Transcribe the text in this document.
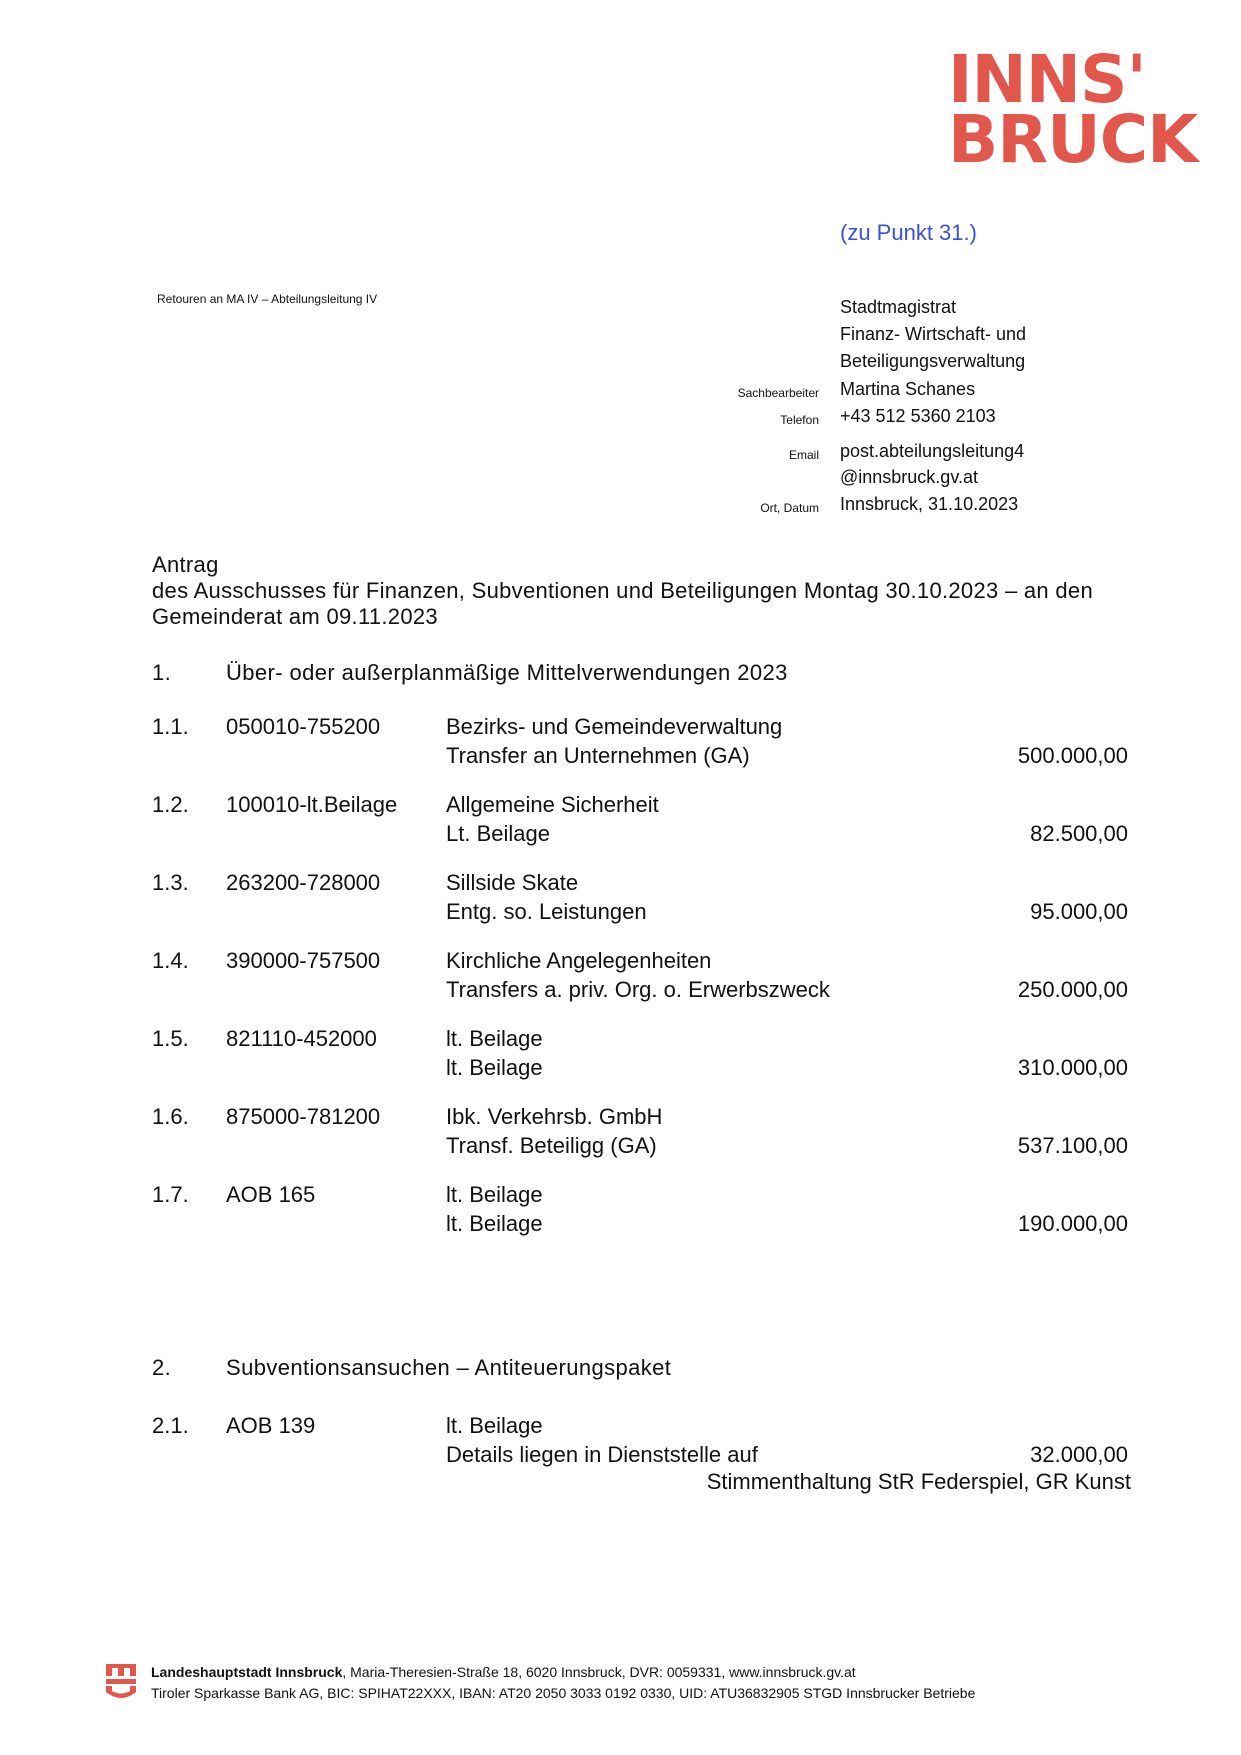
INNS'
BRUCK
(zu Punkt 31.)
Retouren an MA IV – Abteilungsleitung IV	Stadtmagistrat
Finanz- Wirtschaft- und
Beteiligungsverwaltung
Sachbearbeiter Martina Schanes
Telefon +43 512 5360 2103
Email post.abteilungsleitung4
@innsbruck.gv.at
Ort, Datum Innsbruck, 31.10.2023
Antrag
des Ausschusses für Finanzen, Subventionen und Beteiligungen Montag 30.10.2023 – an den Gemeinderat am 09.11.2023
1. Über- oder außerplanmäßige Mittelverwendungen 2023
1.1. 050010-755200	Bezirks- und Gemeindeverwaltung
Transfer an Unternehmen (GA)	500.000,00
1.2. 100010-lt.Beilage Allgemeine Sicherheit
Lt. Beilage	82.500,00
1.3. 263200-728000	Sillside Skate
Entg. so. Leistungen	95.000,00
1.4. 390000-757500	Kirchliche Angelegenheiten
Transfers a. priv. Org. o. Erwerbszweck	250.000,00
1.5. 821110-452000	lt. Beilage
lt. Beilage	310.000,00
1.6. 875000-781200	Ibk. Verkehrsb. GmbH
Transf. Beteiligg (GA)	537.100,00
1.7. AOB 165	lt. Beilage
lt. Beilage	190.000,00
2. Subventionsansuchen – Antiteuerungspaket
2.1. AOB 139	lt. Beilage
Details liegen in Dienststelle auf	32.000,00
Stimmenthaltung StR Federspiel, GR Kunst
Landeshauptstadt Innsbruck, Maria-Theresien-Straße 18, 6020 Innsbruck, DVR: 0059331, www.innsbruck.gv.at
Tiroler Sparkasse Bank AG, BIC: SPIHAT22XXX, IBAN: AT20 2050 3033 0192 0330, UID: ATU36832905 STGD Innsbrucker Betriebe
